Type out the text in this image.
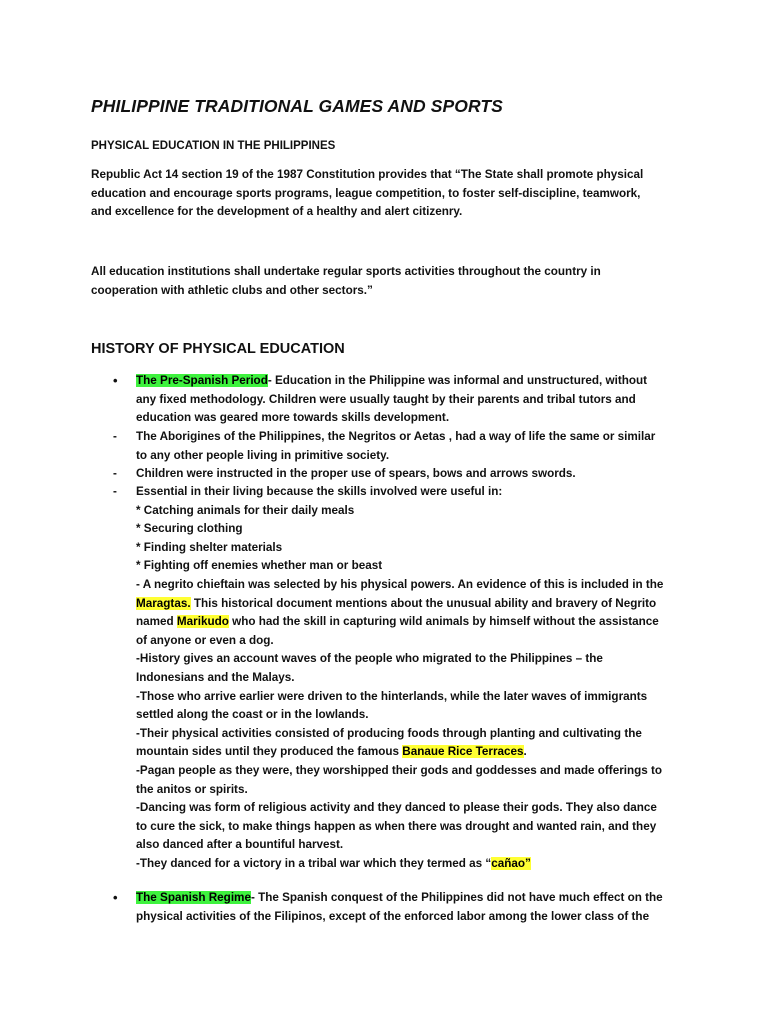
PHILIPPINE TRADITIONAL GAMES AND SPORTS
PHYSICAL EDUCATION IN THE PHILIPPINES
Republic Act 14 section 19 of the 1987 Constitution provides that “The State shall promote physical
education and encourage sports programs, league competition, to foster self-discipline, teamwork,
and excellence for the development of a healthy and alert citizenry.
All education institutions shall undertake regular sports activities throughout the country in
cooperation with athletic clubs and other sectors.”
HISTORY OF PHYSICAL EDUCATION
• The Pre-Spanish Period- Education in the Philippine was informal and unstructured, without
any fixed methodology. Children were usually taught by their parents and tribal tutors and
education was geared more towards skills development.
- The Aborigines of the Philippines, the Negritos or Aetas , had a way of life the same or similar
to any other people living in primitive society.
- Children were instructed in the proper use of spears, bows and arrows swords.
- Essential in their living because the skills involved were useful in:
* Catching animals for their daily meals
* Securing clothing
* Finding shelter materials
* Fighting off enemies whether man or beast
- A negrito chieftain was selected by his physical powers. An evidence of this is included in the
Maragtas. This historical document mentions about the unusual ability and bravery of Negrito
named Marikudo who had the skill in capturing wild animals by himself without the assistance
of anyone or even a dog.
-History gives an account waves of the people who migrated to the Philippines – the
Indonesians and the Malays.
-Those who arrive earlier were driven to the hinterlands, while the later waves of immigrants
settled along the coast or in the lowlands.
-Their physical activities consisted of producing foods through planting and cultivating the
mountain sides until they produced the famous Banaue Rice Terraces.
-Pagan people as they were, they worshipped their gods and goddesses and made offerings to
the anitos or spirits.
-Dancing was form of religious activity and they danced to please their gods. They also dance
to cure the sick, to make things happen as when there was drought and wanted rain, and they
also danced after a bountiful harvest.
-They danced for a victory in a tribal war which they termed as “cañao”
• The Spanish Regime- The Spanish conquest of the Philippines did not have much effect on the
physical activities of the Filipinos, except of the enforced labor among the lower class of the
